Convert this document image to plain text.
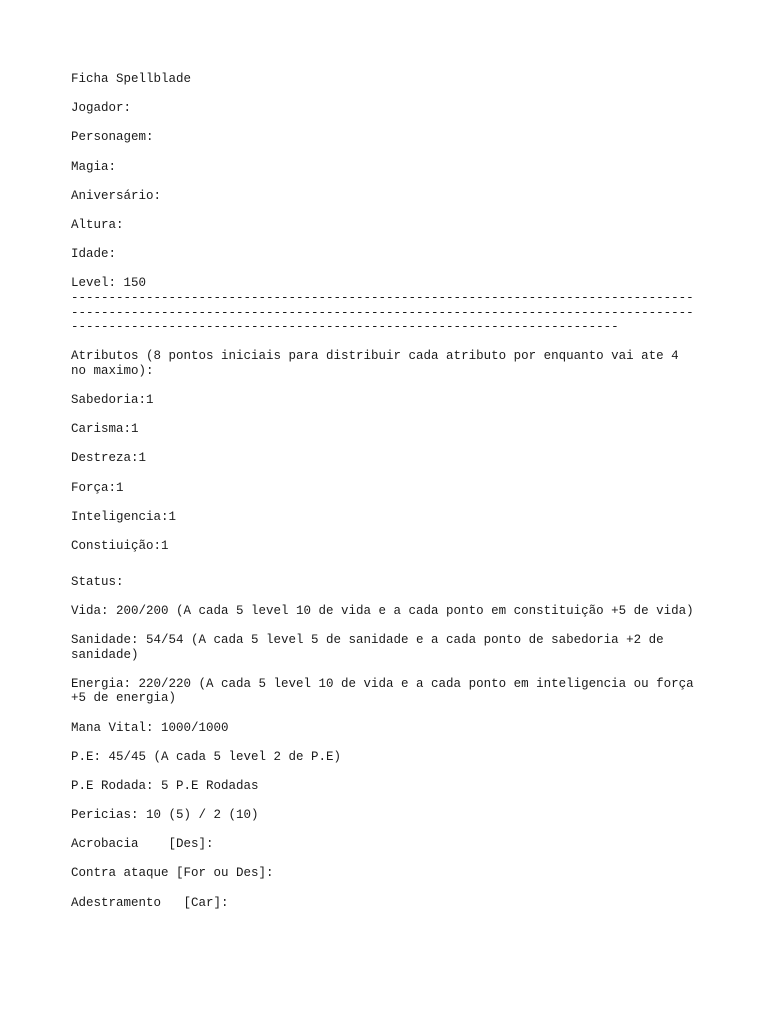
Ficha Spellblade
Jogador:
Personagem:
Magia:
Aniversário:
Altura:
Idade:
Level: 150
-----------------------------------------------------------------------------------
-----------------------------------------------------------------------------------
-------------------------------------------------------------------------
Atributos (8 pontos iniciais para distribuir cada atributo por enquanto vai ate 4 no maximo):
Sabedoria:1
Carisma:1
Destreza:1
Força:1
Inteligencia:1
Constiuição:1
Status:
Vida: 200/200 (A cada 5 level 10 de vida e a cada ponto em constituição +5 de vida)
Sanidade: 54/54 (A cada 5 level 5 de sanidade e a cada ponto de sabedoria +2 de sanidade)
Energia: 220/220 (A cada 5 level 10 de vida e a cada ponto em inteligencia ou força +5 de energia)
Mana Vital: 1000/1000
P.E: 45/45 (A cada 5 level 2 de P.E)
P.E Rodada: 5 P.E Rodadas
Pericias: 10 (5) / 2 (10)
Acrobacia    [Des]:
Contra ataque [For ou Des]:
Adestramento   [Car]:
